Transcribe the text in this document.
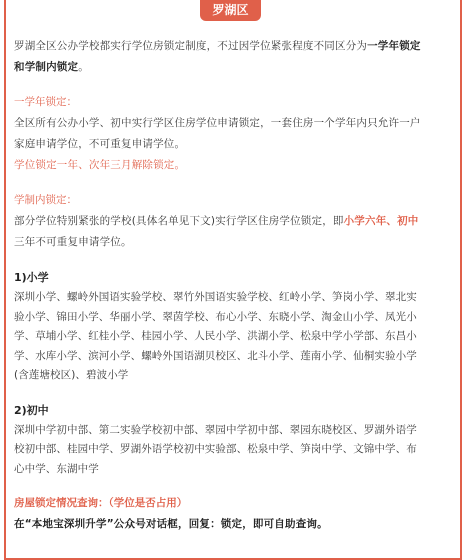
罗湖区

罗湖全区公办学校都实行学位房锁定制度，不过因学位紧张程度不同区分为一学年锁定
和学制内锁定。

一学年锁定：

全区所有公办小学、初中实行学区住房学位申请锁定，一套住房一个学年内只允许一户
家庭申请学位，不可重复申请学位。
学位锁定一年、次年三月解除锁定。

学制内锁定：

部分学位特别紧张的学校(具体名单见下文)实行学区住房学位锁定，即小学六年、初中
三年不可重复申请学位。

1)小学

深圳小学、螺岭外国语实验学校、翠竹外国语实验学校、红岭小学、笋岗小学、翠北实
验小学、锦田小学、华丽小学、翠茵学校、布心小学、东晓小学、淘金山小学、凤光小
学、草埔小学、红桂小学、桂园小学、人民小学、洪湖小学、松泉中学小学部、东昌小
学、水库小学、滨河小学、螺岭外国语湖贝校区、北斗小学、莲南小学、仙桐实验小学
(含莲塘校区)、碧波小学

2)初中

深圳中学初中部、第二实验学校初中部、翠园中学初中部、翠园东晓校区、罗湖外语学
校初中部、桂园中学、罗湖外语学校初中实验部、松泉中学、笋岗中学、文锦中学、布
心中学、东湖中学

房屋锁定情况查询：（学位是否占用）

在“本地宝深圳升学”公众号对话框，回复：锁定，即可自助查询。
